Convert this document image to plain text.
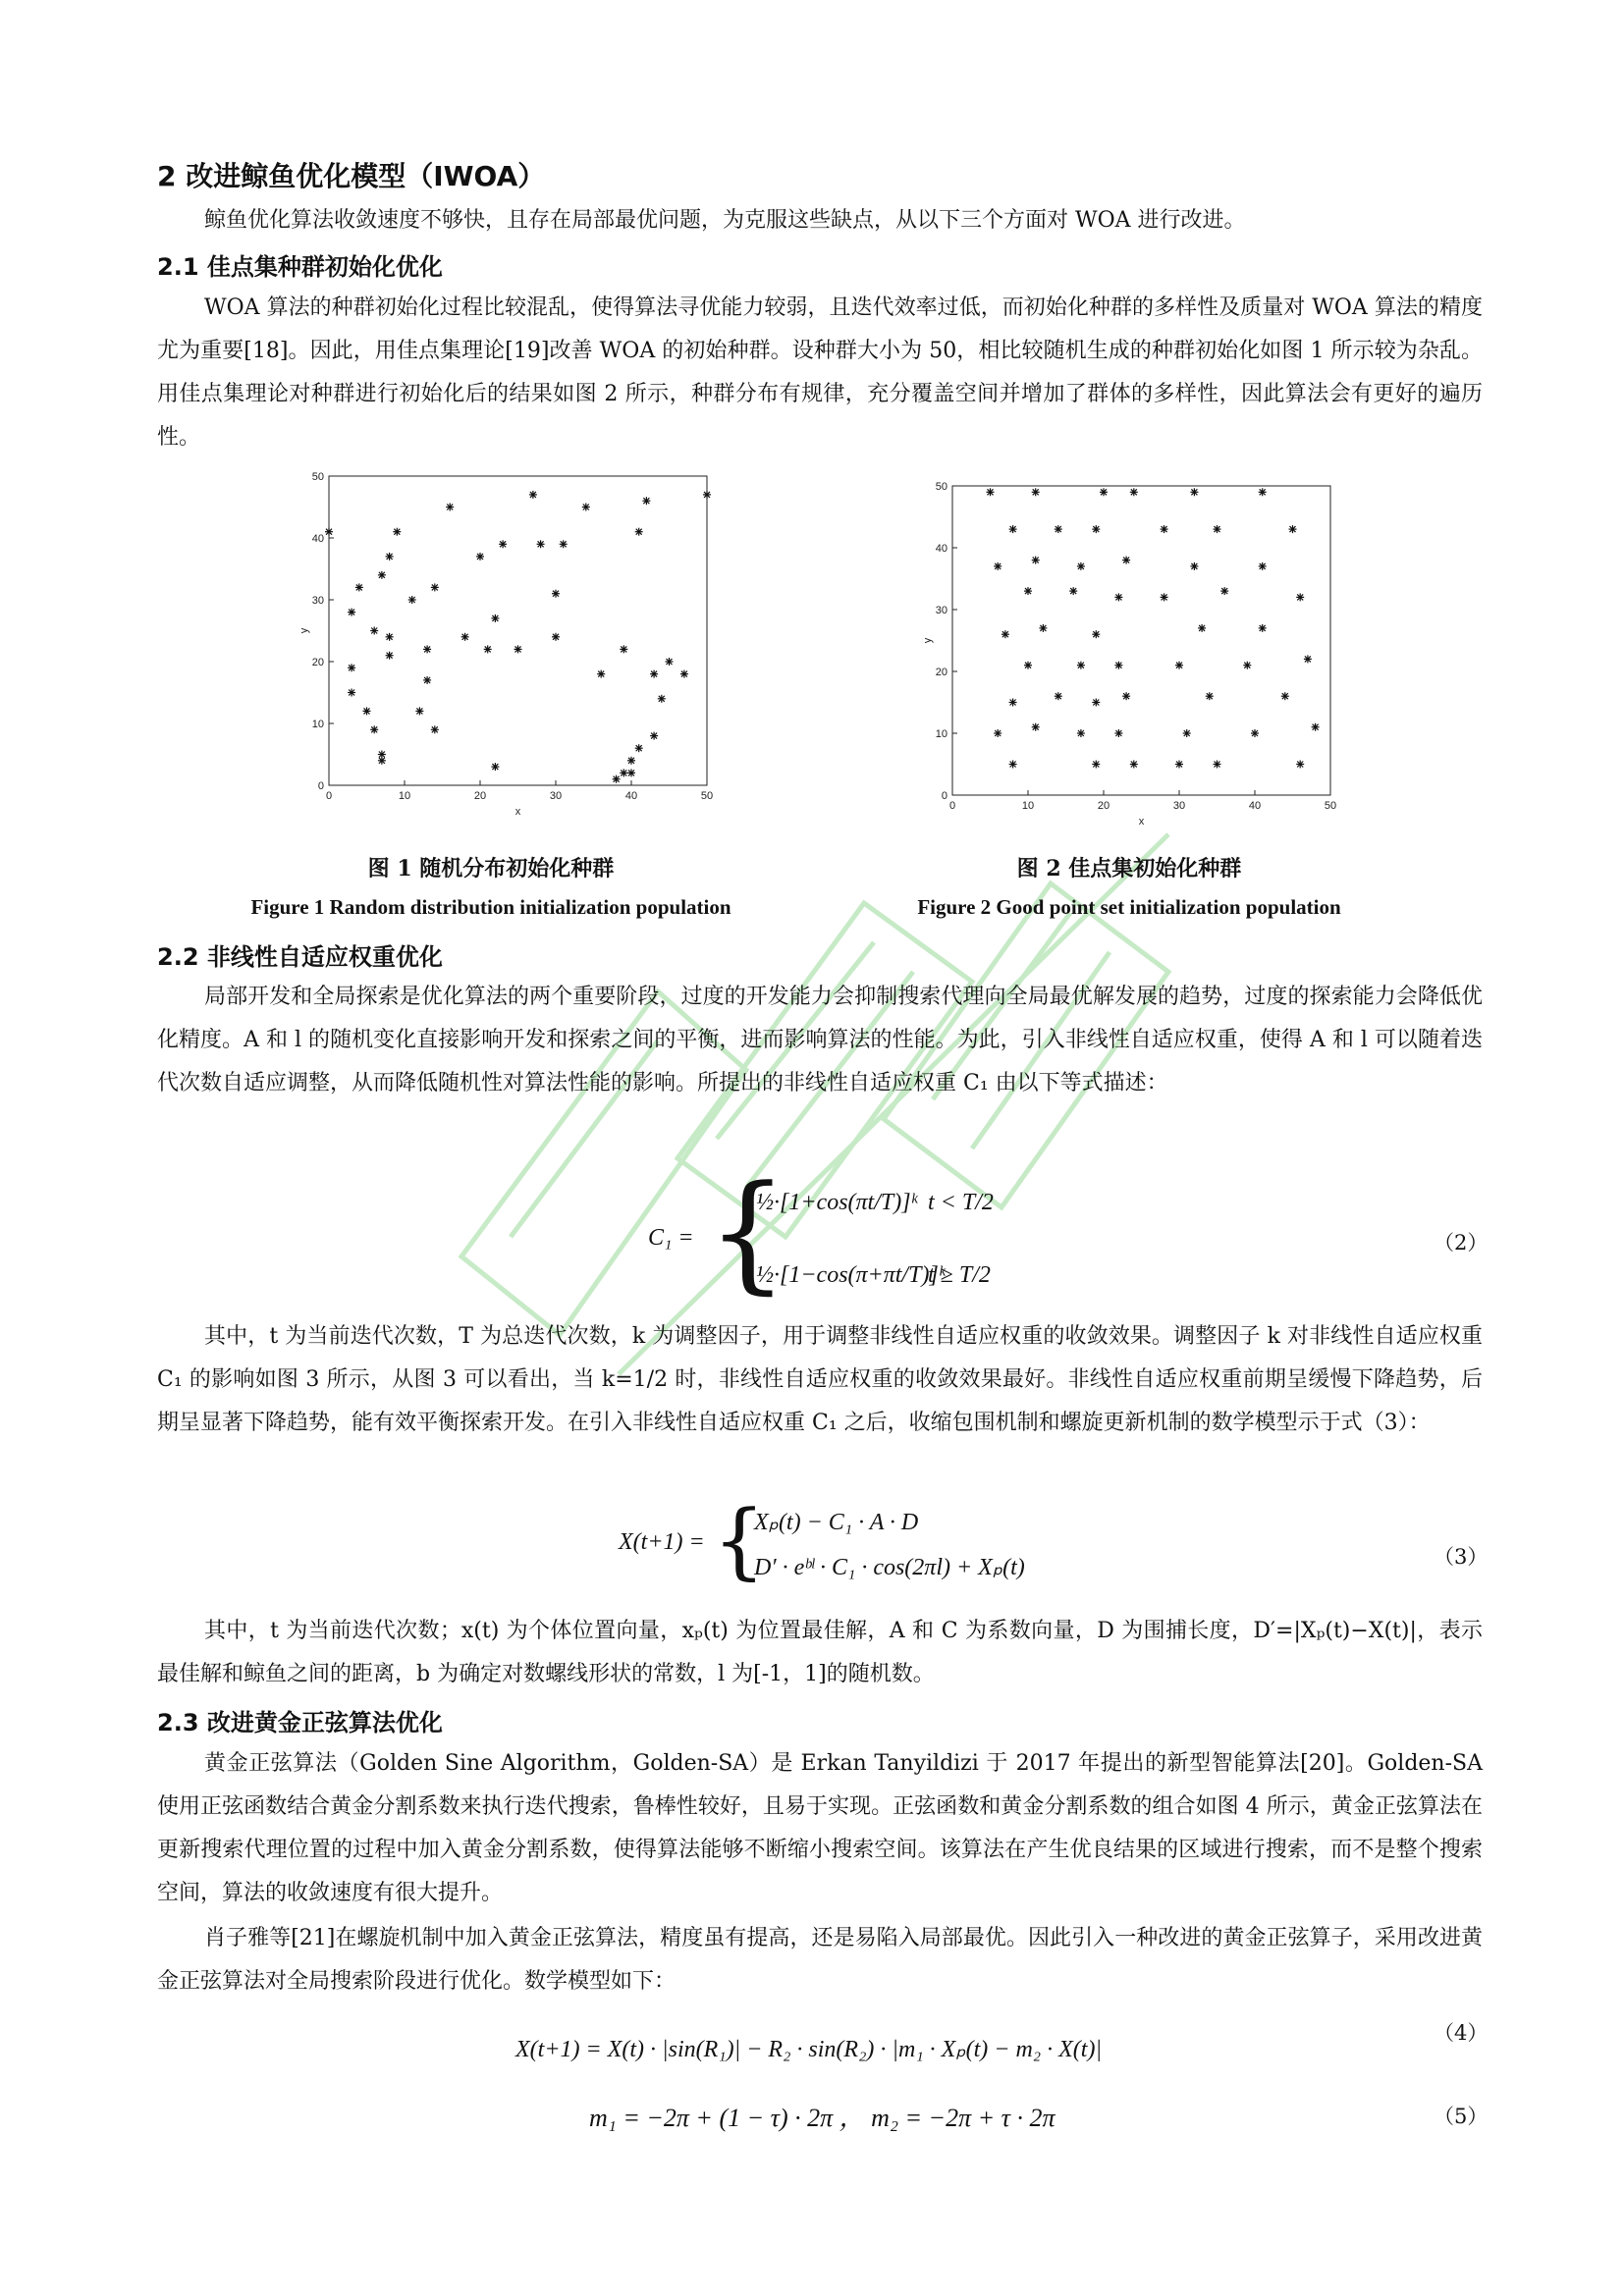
2 改进鲸鱼优化模型（IWOA）
鲸鱼优化算法收敛速度不够快，且存在局部最优问题，为克服这些缺点，从以下三个方面对 WOA 进行改进。
2.1 佳点集种群初始化优化
WOA 算法的种群初始化过程比较混乱，使得算法寻优能力较弱，且迭代效率过低，而初始化种群的多样性及质量对 WOA 算法的精度尤为重要[18]。因此，用佳点集理论[19]改善 WOA 的初始种群。设种群大小为 50，相比较随机生成的种群初始化如图 1 所示较为杂乱。用佳点集理论对种群进行初始化后的结果如图 2 所示，种群分布有规律，充分覆盖空间并增加了群体的多样性，因此算法会有更好的遍历性。
0	10	20	30	40	50
0
10
20
30
40
50
x
y
0	10	20	30	40	50
0
10
20
30
40
50
x
y
图 1 随机分布初始化种群
Figure 1 Random distribution initialization population
图 2 佳点集初始化种群
Figure 2 Good point set initialization population
2.2 非线性自适应权重优化
局部开发和全局探索是优化算法的两个重要阶段，过度的开发能力会抑制搜索代理向全局最优解发展的趋势，过度的探索能力会降低优化精度。A 和 l 的随机变化直接影响开发和探索之间的平衡，进而影响算法的性能。为此，引入非线性自适应权重，使得 A 和 l 可以随着迭代次数自适应调整，从而降低随机性对算法性能的影响。所提出的非线性自适应权重 C₁ 由以下等式描述：
C₁ = {
½·[1+cos(πt/T)]ᵏ t < T/2
½·[1−cos(π+πt/T)]ᵏ
t ≥ T/2
（2）
其中，t 为当前迭代次数，T 为总迭代次数，k 为调整因子，用于调整非线性自适应权重的收敛效果。调整因子 k 对非线性自适应权重 C₁ 的影响如图 3 所示，从图 3 可以看出，当 k=1/2 时，非线性自适应权重的收敛效果最好。非线性自适应权重前期呈缓慢下降趋势，后期呈显著下降趋势，能有效平衡探索开发。在引入非线性自适应权重 C₁ 之后，收缩包围机制和螺旋更新机制的数学模型示于式（3）：
X(t+1) = {
Xₚ(t) − C₁ · A · D
D′ · eᵇˡ · C₁ · cos(2πl) + Xₚ(t)	（3）
其中，t 为当前迭代次数；x(t) 为个体位置向量，xₚ(t) 为位置最佳解，A 和 C 为系数向量，D 为围捕长度，D′=|Xₚ(t)−X(t)|，表示最佳解和鲸鱼之间的距离，b 为确定对数螺线形状的常数，l 为[-1，1]的随机数。
2.3 改进黄金正弦算法优化
黄金正弦算法（Golden Sine Algorithm，Golden-SA）是 Erkan Tanyildizi 于 2017 年提出的新型智能算法[20]。Golden-SA 使用正弦函数结合黄金分割系数来执行迭代搜索，鲁棒性较好，且易于实现。正弦函数和黄金分割系数的组合如图 4 所示，黄金正弦算法在更新搜索代理位置的过程中加入黄金分割系数，使得算法能够不断缩小搜索空间。该算法在产生优良结果的区域进行搜索，而不是整个搜索空间，算法的收敛速度有很大提升。
肖子雅等[21]在螺旋机制中加入黄金正弦算法，精度虽有提高，还是易陷入局部最优。因此引入一种改进的黄金正弦算子，采用改进黄金正弦算法对全局搜索阶段进行优化。数学模型如下：
X(t+1) = X(t) · |sin(R₁)| − R₂ · sin(R₂) · |m₁ · Xₚ(t) − m₂ · X(t)|
（4）
m₁ = −2π + (1 − τ) · 2π ， m₂ = −2π + τ · 2π	（5）
